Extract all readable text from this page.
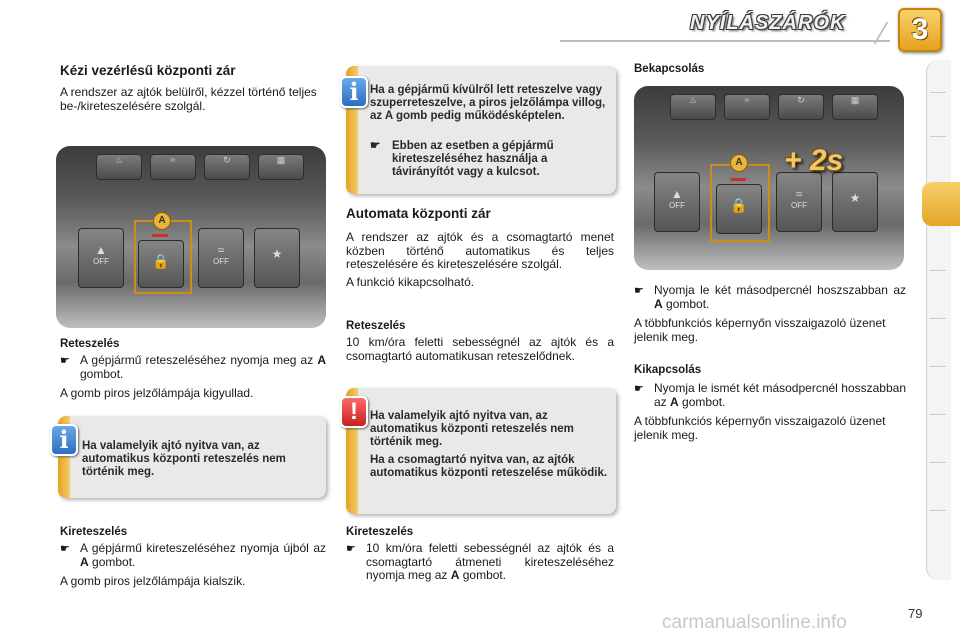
NYÍLÁSZÁRÓK	3
Kézi vezérlésű központi zár

A rendszer az ajtók belülről, kézzel történő teljes be-/kireteszelésére szolgál.

♨	≈	↻	▦
▲
OFF
A
🔒
≈
OFF
★
Reteszelés
☛ A gépjármű reteszeléséhez nyomja meg az A gombot.

A gomb piros jelzőlámpája kigyullad.

Ha valamelyik ajtó nyitva van, az automatikus központi reteszelés nem történik meg.
i
Kireteszelés
☛ A gépjármű kireteszeléséhez nyomja újból az A gombot.

A gomb piros jelzőlámpája kialszik.

Ha a gépjármű kívülről lett reteszelve vagy szuperreteszelve, a piros jelzőlámpa villog, az A gomb pedig működésképtelen.
☛	Ebben az esetben a gépjármű kireteszeléséhez használja a távirányítót vagy a kulcsot.
i
Automata központi zár

A rendszer az ajtók és a csomagtartó menet közben történő automatikus és teljes reteszelésére és kireteszelésére szolgál.

A funkció kikapcsolható.

Reteszelés

10 km/óra feletti sebességnél az ajtók és a csomagtartó automatikusan reteszelődnek.

Ha valamelyik ajtó nyitva van, az automatikus központi reteszelés nem történik meg.
Ha a csomagtartó nyitva van, az ajtók automatikus központi reteszelése működik.
!
Kireteszelés
☛ 10 km/óra feletti sebességnél az ajtók és a csomagtartó átmeneti kireteszeléséhez nyomja meg az A gombot.

Bekapcsolás
♨	≈	↻	▦
▲
OFF
A
🔒
≈
OFF
★
+ 2s
☛ Nyomja le két másodpercnél hoszszabban az A gombot.

A többfunkciós képernyőn visszaigazoló üzenet jelenik meg.

Kikapcsolás
☛ Nyomja le ismét két másodpercnél hosszabban az A gombot.

A többfunkciós képernyőn visszaigazoló üzenet jelenik meg.

carmanualsonline.info	79
